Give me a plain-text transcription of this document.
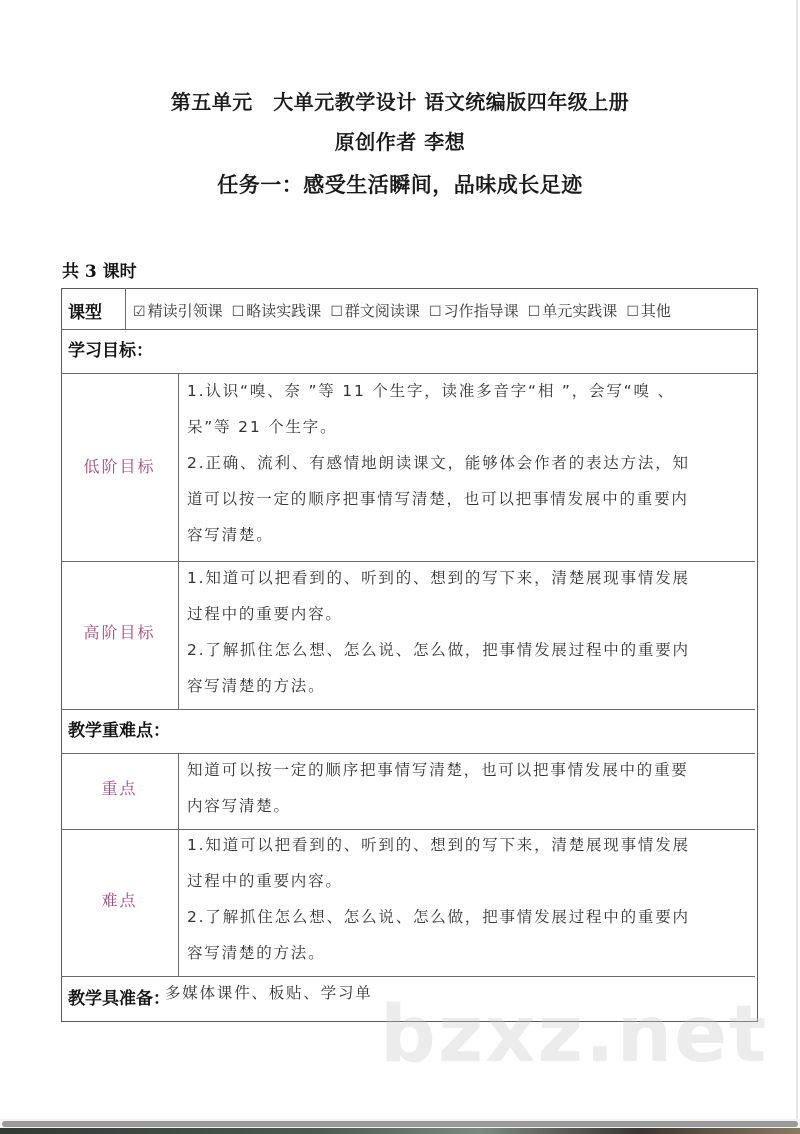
第五单元　大单元教学设计 语文统编版四年级上册
原创作者 李想
任务一：感受生活瞬间，品味成长足迹
共 3 课时
课型 ☑ 精读引领课 ☐ 略读实践课 ☐ 群文阅读课 ☐ 习作指导课 ☐ 单元实践课 ☐ 其他
学习目标：
低阶目标
1.认识“嗅、奈 ”等 11 个生字，读准多音字“相 ”，会写“嗅 、
呆”等 21 个生字。
2.正确、流利、有感情地朗读课文，能够体会作者的表达方法，知
道可以按一定的顺序把事情写清楚，也可以把事情发展中的重要内
容写清楚。
高阶目标
1.知道可以把看到的、听到的、想到的写下来，清楚展现事情发展
过程中的重要内容。
2.了解抓住怎么想、怎么说、怎么做，把事情发展过程中的重要内
容写清楚的方法。
教学重难点：
重点
知道可以按一定的顺序把事情写清楚，也可以把事情发展中的重要
内容写清楚。
难点
1.知道可以把看到的、听到的、想到的写下来，清楚展现事情发展
过程中的重要内容。
2.了解抓住怎么想、怎么说、怎么做，把事情发展过程中的重要内
容写清楚的方法。
教学具准备：
多媒体课件、板贴、学习单 bzxz.net
